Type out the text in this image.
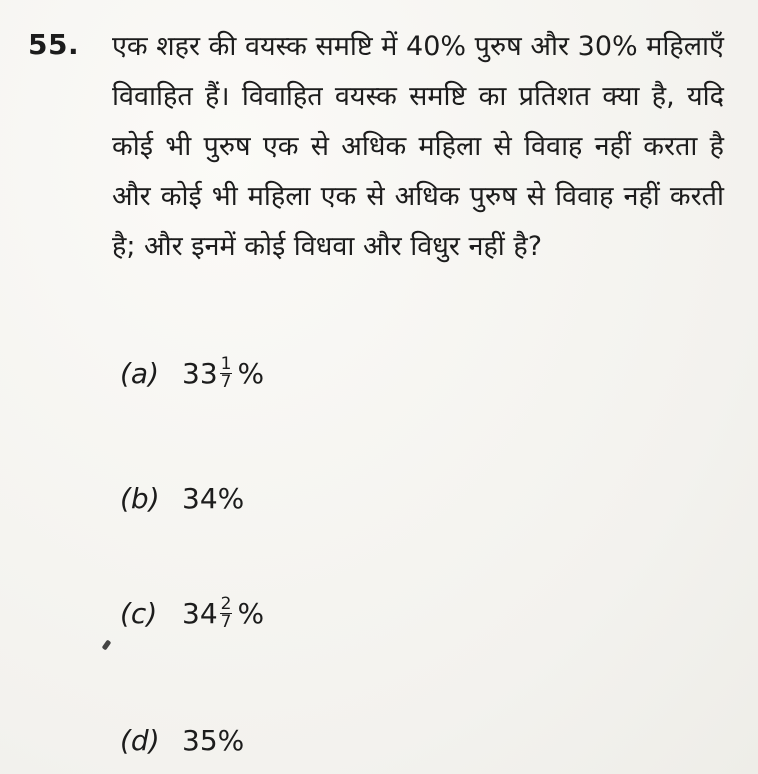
55. एक शहर की वयस्क समष्टि में 40% पुरुष और 30% महिलाएँ विवाहित हैं। विवाहित वयस्क समष्टि का प्रतिशत क्या है, यदि कोई भी पुरुष एक से अधिक महिला से विवाह नहीं करता है और कोई भी महिला एक से अधिक पुरुष से विवाह नहीं करती है; और इनमें कोई विधवा और विधुर नहीं है?
(a) $33 \frac{1}{7}$ %
(b) 34%
(c) $34 \frac{2}{7}$ %
(d) 35%
